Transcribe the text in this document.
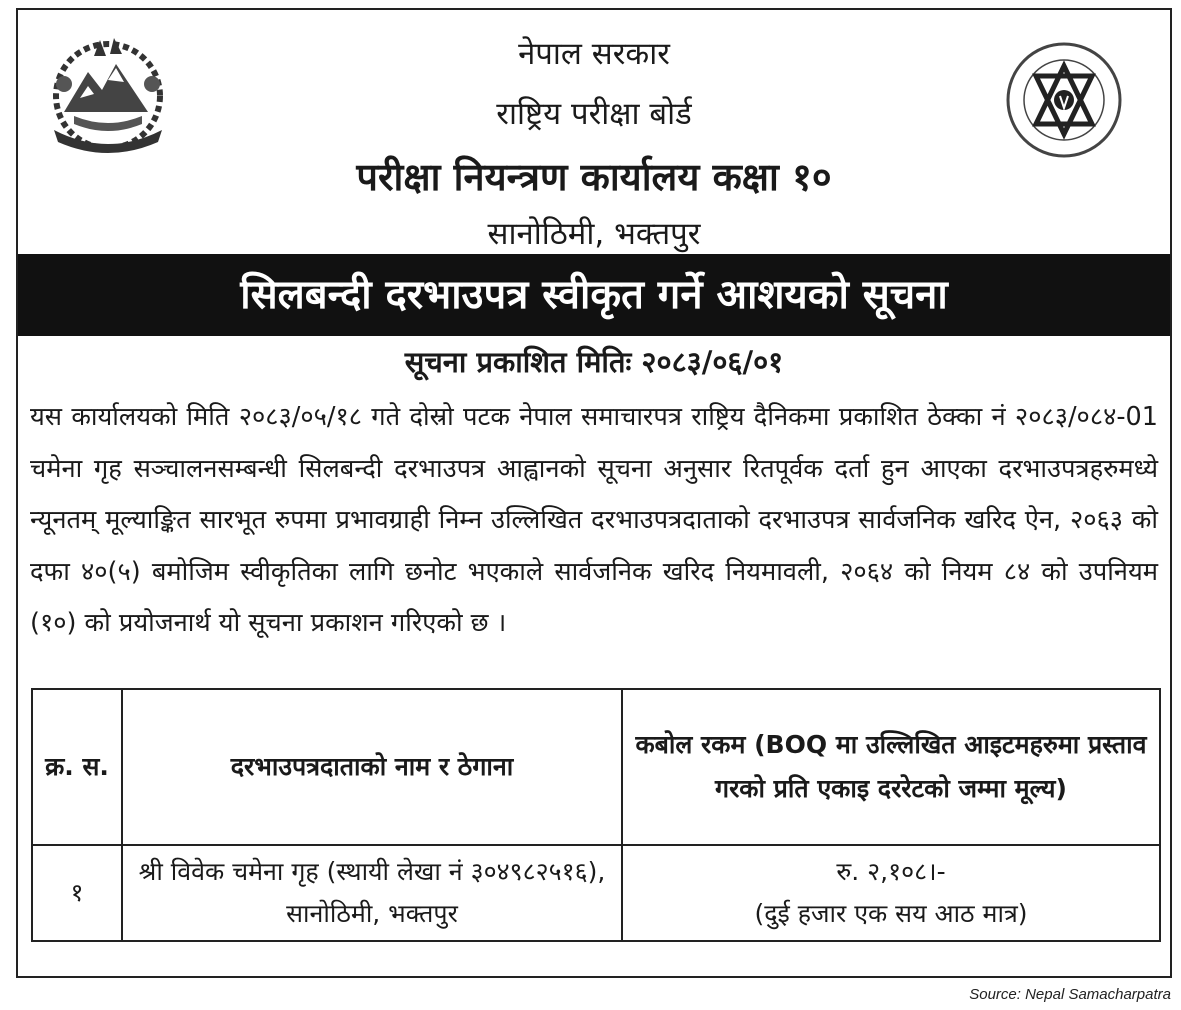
नेपाल सरकार
राष्ट्रिय परीक्षा बोर्ड
परीक्षा नियन्त्रण कार्यालय कक्षा १०
सानोठिमी, भक्तपुर
सिलबन्दी दरभाउपत्र स्वीकृत गर्ने आशयको सूचना
सूचना प्रकाशित मितिः २०८३/०६/०१
यस कार्यालयको मिति २०८३/०५/१८ गते दोस्रो पटक नेपाल समाचारपत्र राष्ट्रिय दैनिकमा प्रकाशित ठेक्का नं २०८३/०८४-01 चमेना गृह सञ्चालनसम्बन्धी सिलबन्दी दरभाउपत्र आह्वानको सूचना अनुसार रितपूर्वक दर्ता हुन आएका दरभाउपत्रहरुमध्ये न्यूनतम् मूल्याङ्कित सारभूत रुपमा प्रभावग्राही निम्न उल्लिखित दरभाउपत्रदाताको दरभाउपत्र सार्वजनिक खरिद ऐन, २०६३ को दफा ४०(५) बमोजिम स्वीकृतिका लागि छनोट भएकाले सार्वजनिक खरिद नियमावली, २०६४ को नियम ८४ को उपनियम (१०) को प्रयोजनार्थ यो सूचना प्रकाशन गरिएको छ ।
क्र. स.	दरभाउपत्रदाताको नाम र ठेगाना	कबोल रकम (BOQ मा उल्लिखित आइटमहरुमा प्रस्ताव गरको प्रति एकाइ दररेटको जम्मा मूल्य)
१	श्री विवेक चमेना गृह (स्थायी लेखा नं ३०४९८२५१६), सानोठिमी, भक्तपुर	रु. २,१०८।-
(दुई हजार एक सय आठ मात्र)
Source: Nepal Samacharpatra
